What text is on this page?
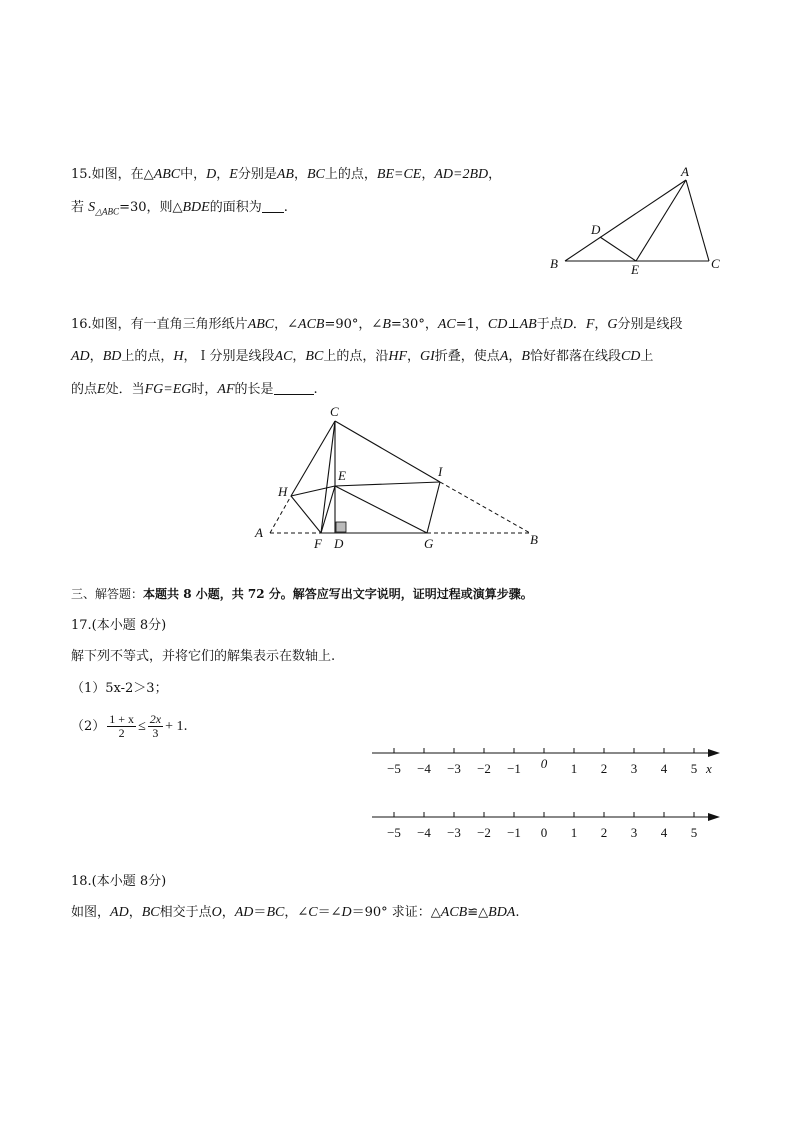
15.如图，在△ABC中，D，E分别是AB，BC上的点，BE=CE，AD=2BD，
若 $S_{\triangle ABC}=30$，则△BDE的面积为 .
A
B	C
D
E
16.如图，有一直角三角形纸片ABC，∠ACB=90°，∠B=30°，AC=1，CD⊥AB于点D．F，G分别是线段
AD，BD上的点，H，Ｉ分别是线段AC，BC上的点，沿HF，GI折叠，使点A，B恰好都落在线段CD上
的点E处．当FG=EG时，AF的长是	.
C
E
H
I
A
F D	G	B
三、解答题：本题共 8 小题，共 72 分。解答应写出文字说明，证明过程或演算步骤。
17.(本小题 8分)
解下列不等式，并将它们的解集表示在数轴上.
（1）5x-2＞3；
$(2) \frac{1 + x}{2} \le \frac{2x}{3} + 1$.
−5 −4 −3 −2 −1 0 1 2 3 4 5 x
−5 −4 −3 −2 −1 0 1 2 3 4 5
18.(本小题 8分)
如图，AD，BC相交于点O，AD＝BC，∠C＝∠D＝90° 求证：△ACB≌△BDA.
